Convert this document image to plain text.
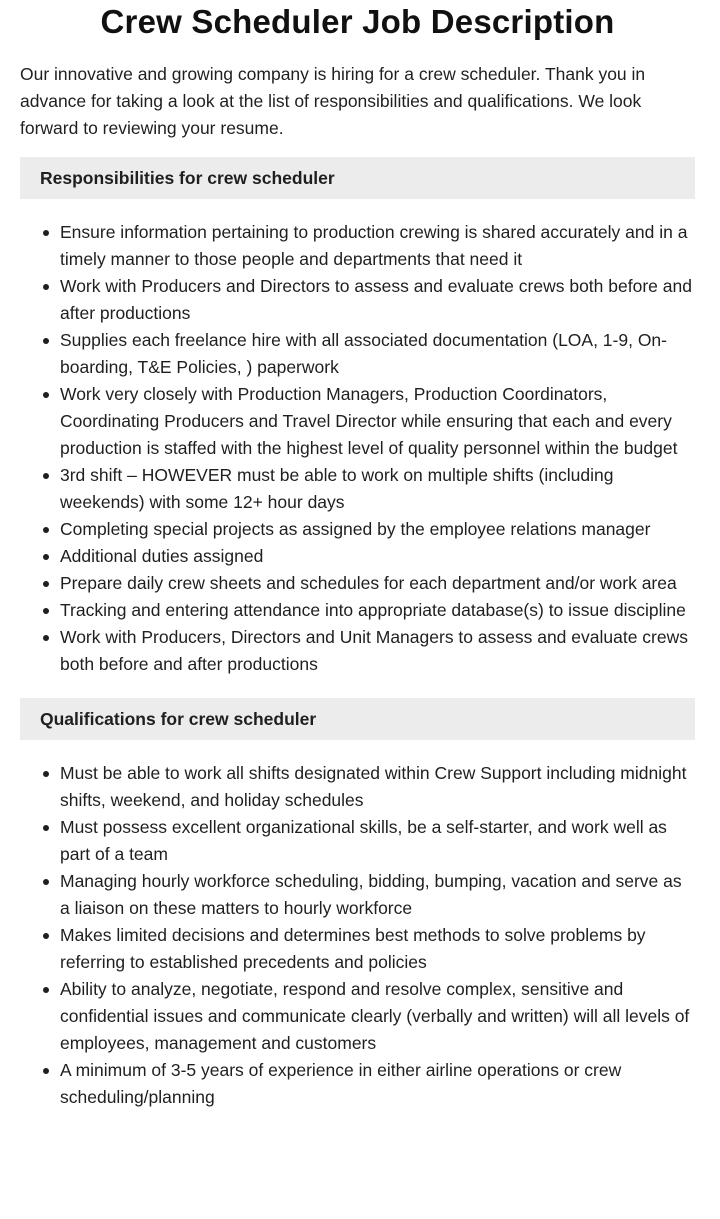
Crew Scheduler Job Description

Our innovative and growing company is hiring for a crew scheduler. Thank you in advance for taking a look at the list of responsibilities and qualifications. We look forward to reviewing your resume.

Responsibilities for crew scheduler
Ensure information pertaining to production crewing is shared accurately and in a timely manner to those people and departments that need it
Work with Producers and Directors to assess and evaluate crews both before and after productions
Supplies each freelance hire with all associated documentation (LOA, 1-9, On-boarding, T&E Policies, ) paperwork
Work very closely with Production Managers, Production Coordinators, Coordinating Producers and Travel Director while ensuring that each and every production is staffed with the highest level of quality personnel within the budget
3rd shift – HOWEVER must be able to work on multiple shifts (including weekends) with some 12+ hour days
Completing special projects as assigned by the employee relations manager
Additional duties assigned
Prepare daily crew sheets and schedules for each department and/or work area
Tracking and entering attendance into appropriate database(s) to issue discipline
Work with Producers, Directors and Unit Managers to assess and evaluate crews both before and after productions
Qualifications for crew scheduler
Must be able to work all shifts designated within Crew Support including midnight shifts, weekend, and holiday schedules
Must possess excellent organizational skills, be a self-starter, and work well as part of a team
Managing hourly workforce scheduling, bidding, bumping, vacation and serve as a liaison on these matters to hourly workforce
Makes limited decisions and determines best methods to solve problems by referring to established precedents and policies
Ability to analyze, negotiate, respond and resolve complex, sensitive and confidential issues and communicate clearly (verbally and written) will all levels of employees, management and customers
A minimum of 3-5 years of experience in either airline operations or crew scheduling/planning
